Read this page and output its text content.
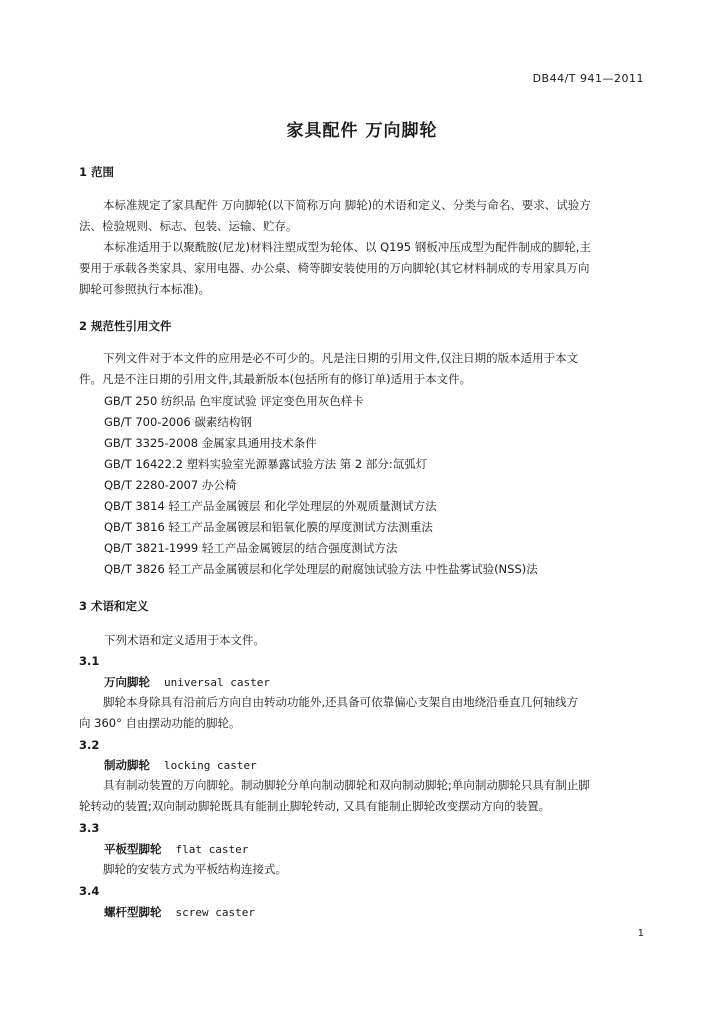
DB44/T 941—2011
家具配件 万向脚轮
1 范围
本标准规定了家具配件 万向脚轮(以下简称万向 脚轮)的术语和定义、分类与命名、要求、试验方
法、检验规则、标志、包装、运输、贮存。
本标准适用于以聚酰胺(尼龙)材料注塑成型为轮体、以 Q195 钢板冲压成型为配件制成的脚轮,主
要用于承载各类家具、家用电器、办公桌、椅等脚安装使用的万向脚轮(其它材料制成的专用家具万向
脚轮可参照执行本标准)。
2 规范性引用文件
下列文件对于本文件的应用是必不可少的。凡是注日期的引用文件,仅注日期的版本适用于本文
件。凡是不注日期的引用文件,其最新版本(包括所有的修订单)适用于本文件。
GB/T 250 纺织品 色牢度试验 评定变色用灰色样卡
GB/T 700-2006 碳素结构钢
GB/T 3325-2008 金属家具通用技术条件
GB/T 16422.2 塑料实验室光源暴露试验方法 第 2 部分:氙弧灯
QB/T 2280-2007 办公椅
QB/T 3814 轻工产品金属镀层 和化学处理层的外观质量测试方法
QB/T 3816 轻工产品金属镀层和铝氧化膜的厚度测试方法测重法
QB/T 3821-1999 轻工产品金属镀层的结合强度测试方法
QB/T 3826 轻工产品金属镀层和化学处理层的耐腐蚀试验方法 中性盐雾试验(NSS)法
3 术语和定义
下列术语和定义适用于本文件。
3.1
万向脚轮 universal caster
脚轮本身除具有沿前后方向自由转动功能外,还具备可依靠偏心支架自由地绕沿垂直几何轴线方
向 360° 自由摆动功能的脚轮。
3.2
制动脚轮 locking caster
具有制动装置的万向脚轮。制动脚轮分单向制动脚轮和双向制动脚轮;单向制动脚轮只具有制止脚
轮转动的装置;双向制动脚轮既具有能制止脚轮转动, 又具有能制止脚轮改变摆动方向的装置。
3.3
平板型脚轮 flat caster
脚轮的安装方式为平板结构连接式。
3.4
螺杆型脚轮 screw caster
1
